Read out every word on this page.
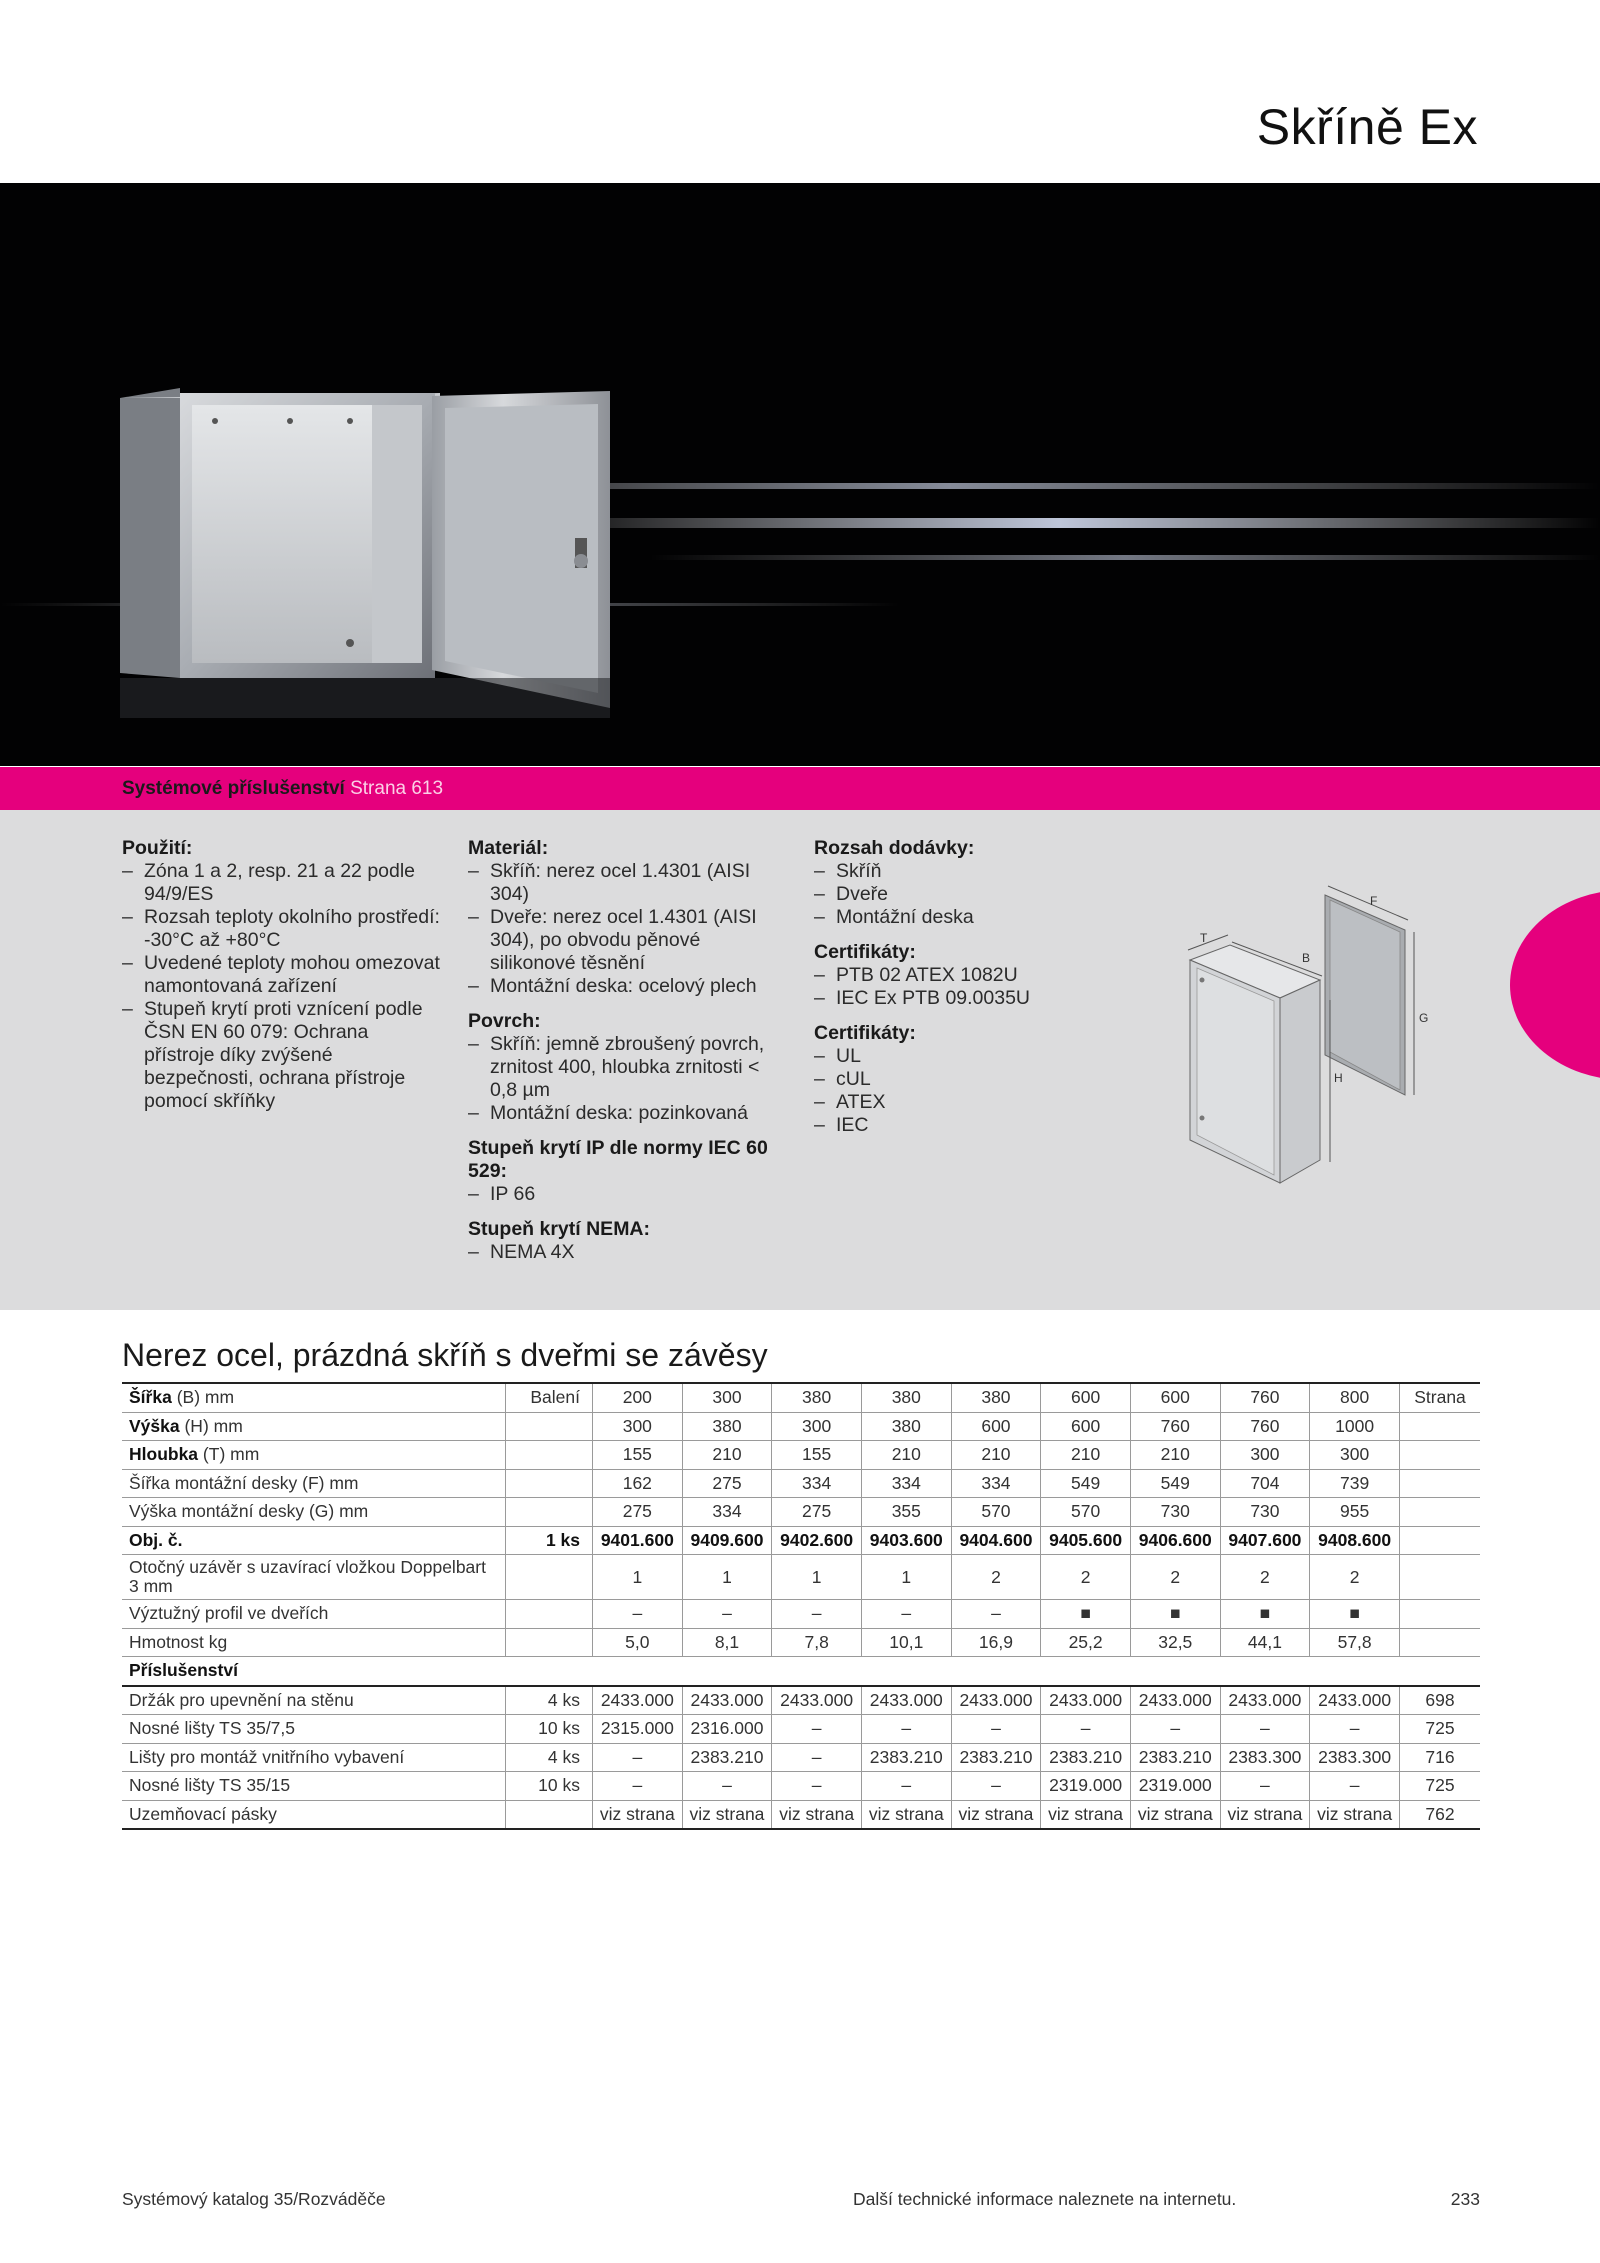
Skříně Ex
Systémové příslušenství Strana 613
Použití:
– Zóna 1 a 2, resp. 21 a 22 podle 94/9/ES
– Rozsah teploty okolního prostředí: -30°C až +80°C
– Uvedené teploty mohou omezovat namontovaná zařízení
– Stupeň krytí proti vznícení podle ČSN EN 60 079: Ochrana přístroje díky zvýšené bezpečnosti, ochrana přístroje pomocí skříňky
Materiál:
– Skříň: nerez ocel 1.4301 (AISI 304)
– Dveře: nerez ocel 1.4301 (AISI 304), po obvodu pěnové silikonové těsnění
– Montážní deska: ocelový plech
Povrch:
– Skříň: jemně zbroušený povrch, zrnitost 400, hloubka zrnitosti < 0,8 µm
– Montážní deska: pozinkovaná
Stupeň krytí IP dle normy IEC 60 529:
– IP 66
Stupeň krytí NEMA:
– NEMA 4X
Rozsah dodávky:
– Skříň
– Dveře
– Montážní deska
Certifikáty:
– PTB 02 ATEX 1082U
– IEC Ex PTB 09.0035U
Certifikáty:
– UL
– cUL
– ATEX
– IEC
T
F
B
G
H
Nerez ocel, prázdná skříň s dveřmi se závěsy
Šířka (B) mm	Balení	200	300	380	380	380	600	600	760	800	Strana
Výška (H) mm		300	380	300	380	600	600	760	760	1000	
Hloubka (T) mm		155	210	155	210	210	210	210	300	300	
Šířka montážní desky (F) mm		162	275	334	334	334	549	549	704	739	
Výška montážní desky (G) mm		275	334	275	355	570	570	730	730	955	
Obj. č.	1 ks	9401.600	9409.600	9402.600	9403.600	9404.600	9405.600	9406.600	9407.600	9408.600	
Otočný uzávěr s uzavírací vložkou Doppelbart 3 mm		1	1	1	1	2	2	2	2	2	
Výztužný profil ve dveřích		–	–	–	–	–	■	■	■	■	
Hmotnost kg		5,0	8,1	7,8	10,1	16,9	25,2	32,5	44,1	57,8	
Příslušenství											
Držák pro upevnění na stěnu	4 ks	2433.000	2433.000	2433.000	2433.000	2433.000	2433.000	2433.000	2433.000	2433.000	698
Nosné lišty TS 35/7,5	10 ks	2315.000	2316.000	–	–	–	–	–	–	–	725
Lišty pro montáž vnitřního vybavení	4 ks	–	2383.210	–	2383.210	2383.210	2383.210	2383.210	2383.300	2383.300	716
Nosné lišty TS 35/15	10 ks	–	–	–	–	–	2319.000	2319.000	–	–	725
Uzemňovací pásky		viz strana	viz strana	viz strana	viz strana	viz strana	viz strana	viz strana	viz strana	viz strana	762
Systémový katalog 35/Rozváděče	Další technické informace naleznete na internetu.	233
